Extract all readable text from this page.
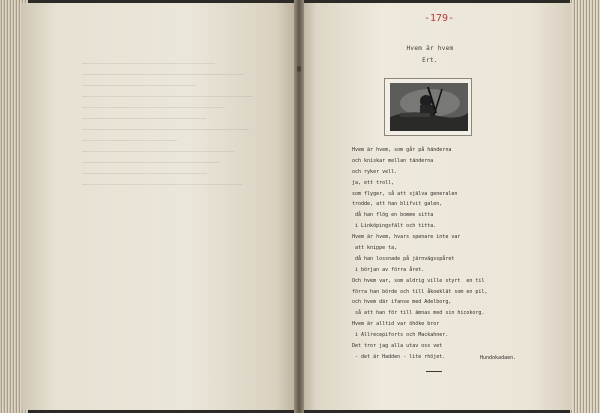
-179-
Hvem är hvem
Ert.
Hvem är hvem, som går på händerna
och kniskar mellan tänderna
och ryker vell.
ja, ett troll,
som flyger, så att själva generalen
trodde, att han blifvit galen,
då han flög en bomme sitta
i Linköpingsfält och titta.
Hvem är hvem, hvars spenare inte var
att knippe ta,
då han lossnade på järnvägsspåret
i början av förra året.
Och hvem var, som aldrig ville styrt  en til
förra han börde och till åkoeklät som en pil,
och hvem där ifanse med Adelborg,
så att han för till ämnas med sin hicokorg.
Hvem är alltid var öhöke bror
i Allrecepiforts och Mackahner.
Det tror jag alla utav oss vet
- det är Hadden - lite rhöjet.	Hundokadaen.
